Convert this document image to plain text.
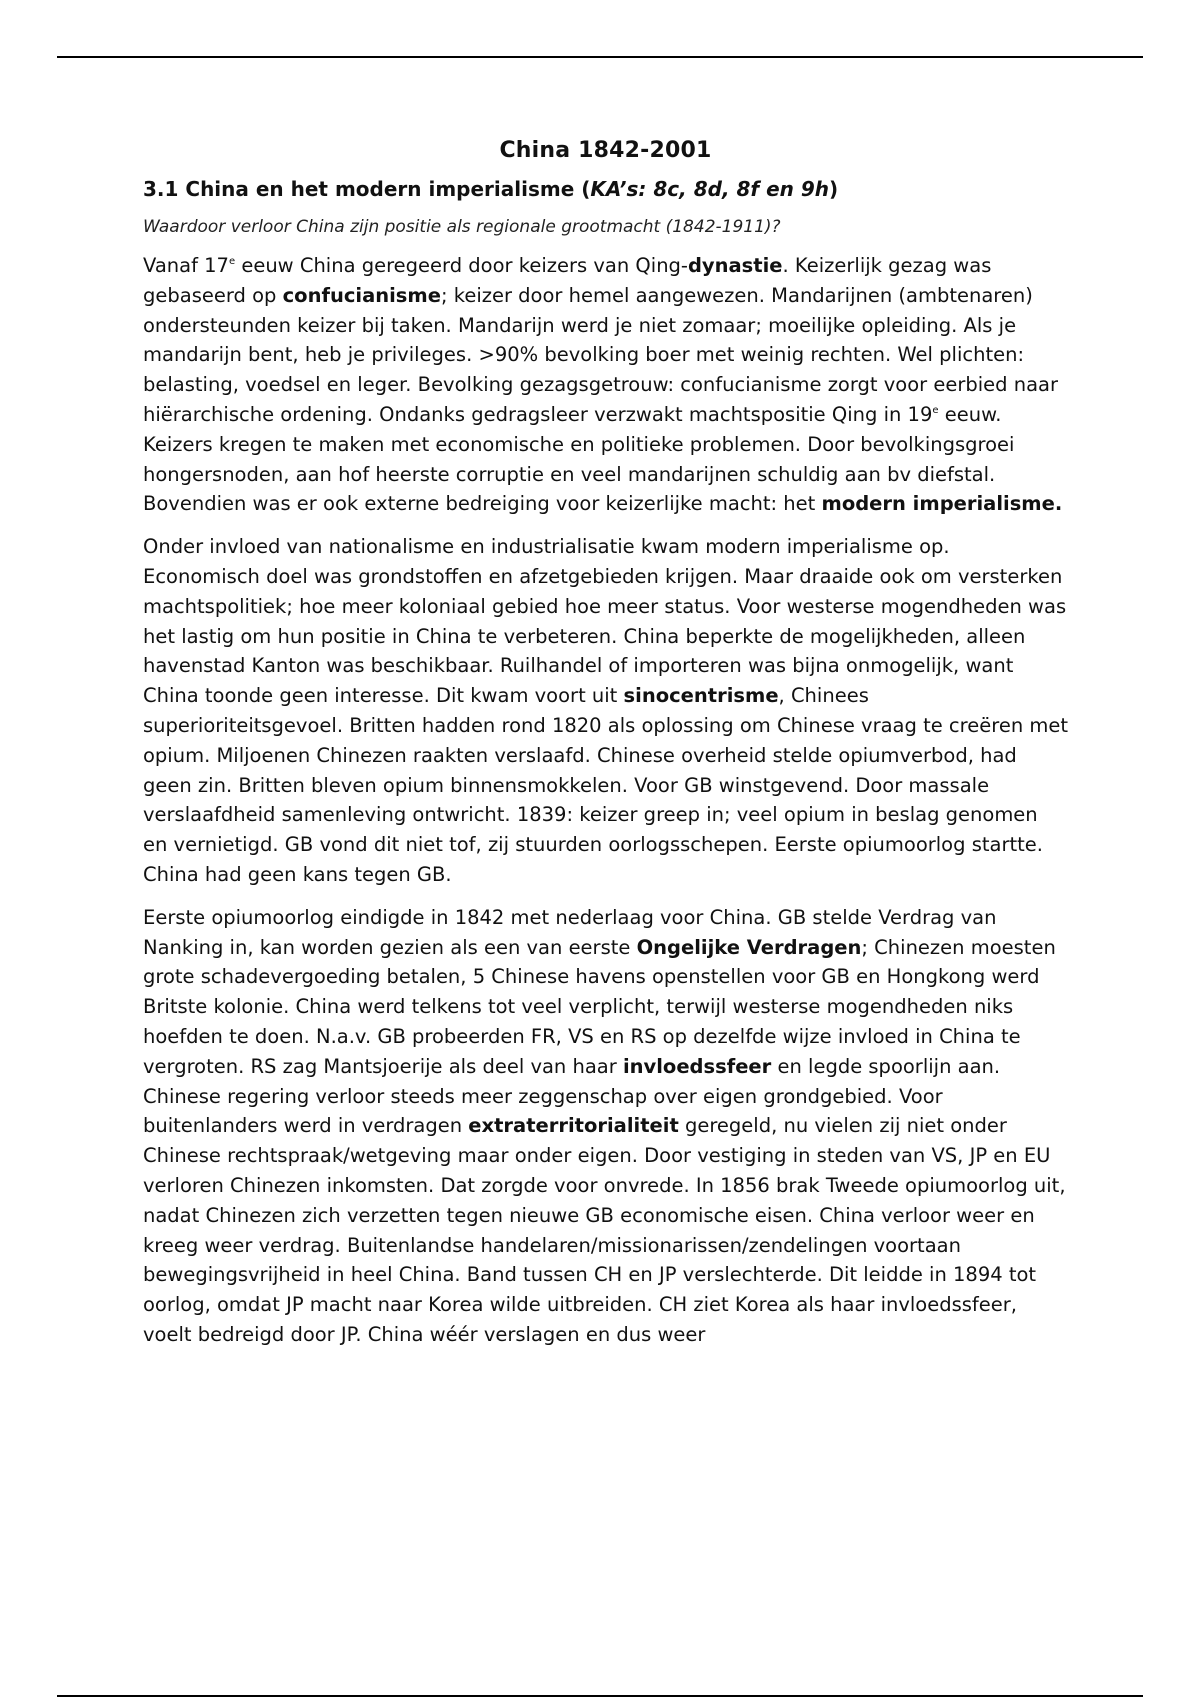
China 1842-2001
3.1 China en het modern imperialisme (KA’s: 8c, 8d, 8f en 9h)
Waardoor verloor China zijn positie als regionale grootmacht (1842-1911)?

Vanaf 17e eeuw China geregeerd door keizers van Qing-dynastie. Keizerlijk gezag was gebaseerd op confucianisme; keizer door hemel aangewezen. Mandarijnen (ambtenaren) ondersteunden keizer bij taken. Mandarijn werd je niet zomaar; moeilijke opleiding. Als je mandarijn bent, heb je privileges. >90% bevolking boer met weinig rechten. Wel plichten: belasting, voedsel en leger. Bevolking gezagsgetrouw: confucianisme zorgt voor eerbied naar hiërarchische ordening. Ondanks gedragsleer verzwakt machtspositie Qing in 19e eeuw. Keizers kregen te maken met economische en politieke problemen. Door bevolkingsgroei hongersnoden, aan hof heerste corruptie en veel mandarijnen schuldig aan bv diefstal. Bovendien was er ook externe bedreiging voor keizerlijke macht: het modern imperialisme.

Onder invloed van nationalisme en industrialisatie kwam modern imperialisme op. Economisch doel was grondstoffen en afzetgebieden krijgen. Maar draaide ook om versterken machtspolitiek; hoe meer koloniaal gebied hoe meer status. Voor westerse mogendheden was het lastig om hun positie in China te verbeteren. China beperkte de mogelijkheden, alleen havenstad Kanton was beschikbaar. Ruilhandel of importeren was bijna onmogelijk, want China toonde geen interesse. Dit kwam voort uit sinocentrisme, Chinees superioriteitsgevoel. Britten hadden rond 1820 als oplossing om Chinese vraag te creëren met opium. Miljoenen Chinezen raakten verslaafd. Chinese overheid stelde opiumverbod, had geen zin. Britten bleven opium binnensmokkelen. Voor GB winstgevend. Door massale verslaafdheid samenleving ontwricht. 1839: keizer greep in; veel opium in beslag genomen en vernietigd. GB vond dit niet tof, zij stuurden oorlogsschepen. Eerste opiumoorlog startte. China had geen kans tegen GB.

Eerste opiumoorlog eindigde in 1842 met nederlaag voor China. GB stelde Verdrag van Nanking in, kan worden gezien als een van eerste Ongelijke Verdragen; Chinezen moesten grote schadevergoeding betalen, 5 Chinese havens openstellen voor GB en Hongkong werd Britste kolonie. China werd telkens tot veel verplicht, terwijl westerse mogendheden niks hoefden te doen. N.a.v. GB probeerden FR, VS en RS op dezelfde wijze invloed in China te vergroten. RS zag Mantsjoerije als deel van haar invloedssfeer en legde spoorlijn aan. Chinese regering verloor steeds meer zeggenschap over eigen grondgebied. Voor buitenlanders werd in verdragen extraterritorialiteit geregeld, nu vielen zij niet onder Chinese rechtspraak/wetgeving maar onder eigen. Door vestiging in steden van VS, JP en EU verloren Chinezen inkomsten. Dat zorgde voor onvrede. In 1856 brak Tweede opiumoorlog uit, nadat Chinezen zich verzetten tegen nieuwe GB economische eisen. China verloor weer en kreeg weer verdrag. Buitenlandse handelaren/missionarissen/zendelingen voortaan bewegingsvrijheid in heel China. Band tussen CH en JP verslechterde. Dit leidde in 1894 tot oorlog, omdat JP macht naar Korea wilde uitbreiden. CH ziet Korea als haar invloedssfeer, voelt bedreigd door JP. China wéér verslagen en dus weer
